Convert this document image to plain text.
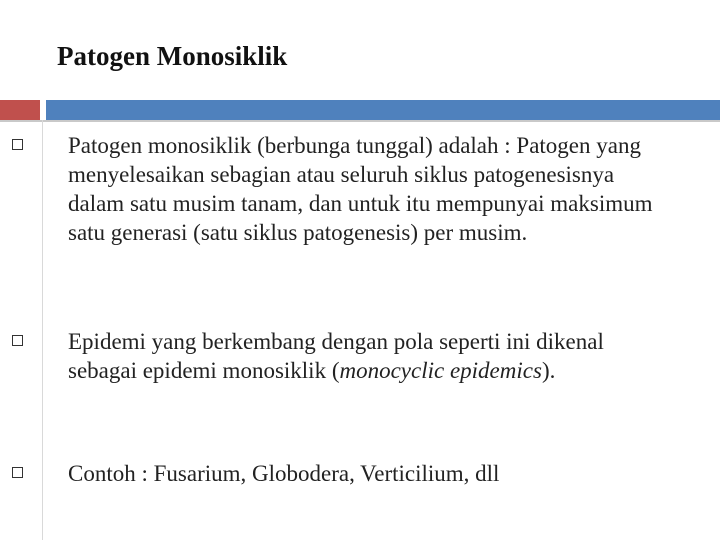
Patogen Monosiklik
Patogen monosiklik (berbunga tunggal) adalah : Patogen yang menyelesaikan sebagian atau seluruh siklus patogenesisnya dalam satu musim tanam, dan untuk itu mempunyai maksimum satu generasi (satu siklus patogenesis) per musim.
Epidemi yang berkembang dengan pola seperti ini dikenal sebagai epidemi monosiklik (monocyclic epidemics).
Contoh : Fusarium, Globodera, Verticilium, dll
